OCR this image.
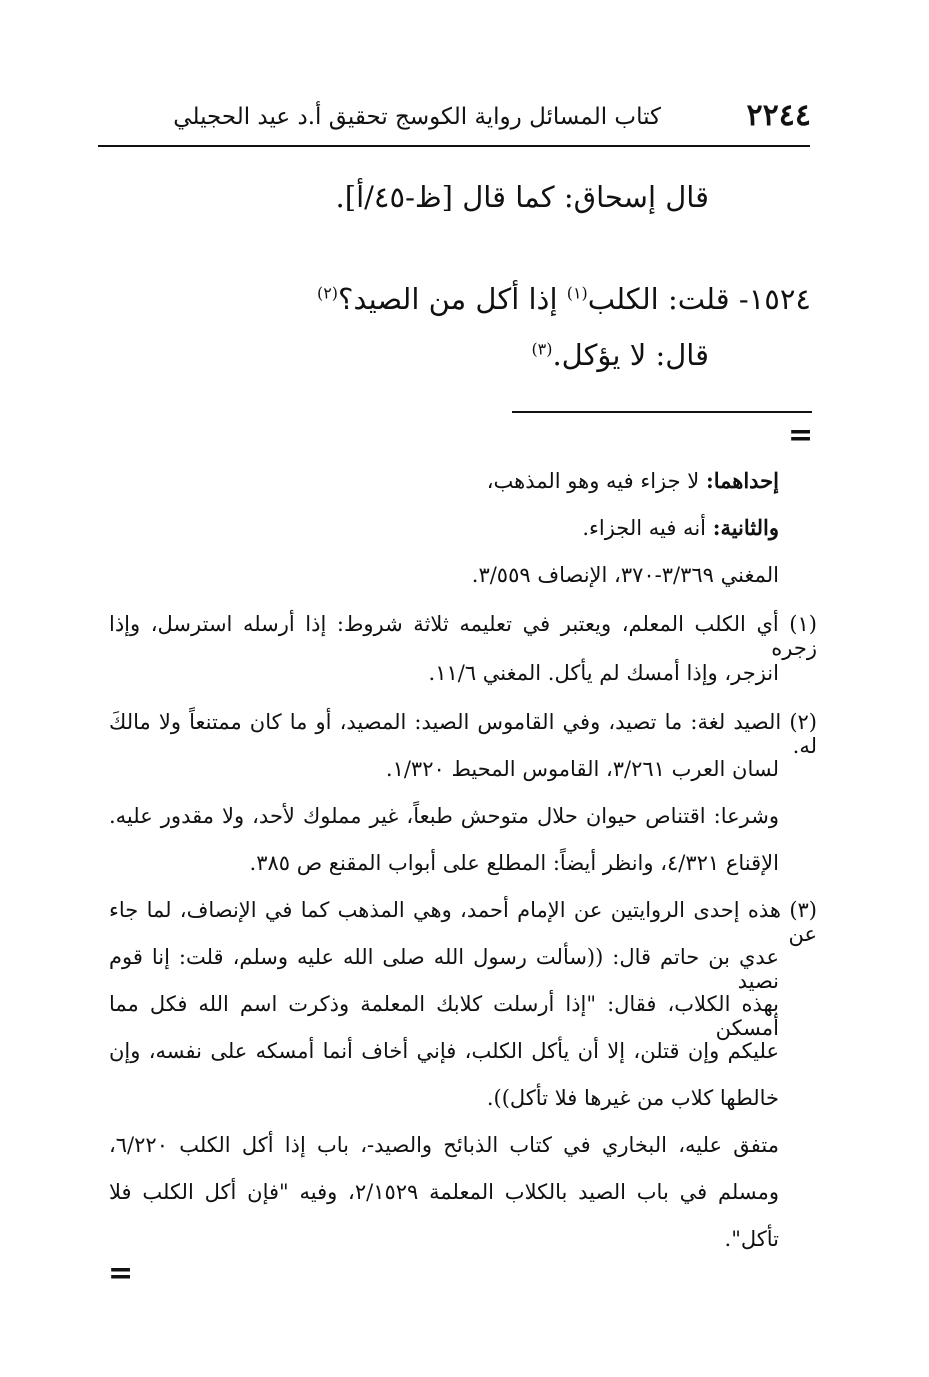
٢٢٤٤
كتاب المسائل رواية الكوسج تحقيق أ.د عيد الحجيلي
قال إسحاق: كما قال [ظ-٤٥/أ].
١٥٢٤- قلت: الكلب$^{(١)}$ إذا أكل من الصيد؟$^{(٢)}$
قال: لا يؤكل.$^{(٣)}$
=
إحداهما: لا جزاء فيه وهو المذهب،
والثانية: أنه فيه الجزاء.
المغني ٣/٣٦٩-٣٧٠، الإنصاف ٣/٥٥٩.
(١) أي الكلب المعلم، ويعتبر في تعليمه ثلاثة شروط: إذا أرسله استرسل، وإذا زجره
انزجر، وإذا أمسك لم يأكل. المغني ١١/٦.
(٢) الصيد لغة: ما تصيد، وفي القاموس الصيد: المصيد، أو ما كان ممتنعاً ولا مالكَ له.
لسان العرب ٣/٢٦١، القاموس المحيط ١/٣٢٠.
وشرعا: اقتناص حيوان حلال متوحش طبعاً، غير مملوك لأحد، ولا مقدور عليه.
الإقناع ٤/٣٢١، وانظر أيضاً: المطلع على أبواب المقنع ص ٣٨٥.
(٣) هذه إحدى الروايتين عن الإمام أحمد، وهي المذهب كما في الإنصاف، لما جاء عن
عدي بن حاتم قال: ((سألت رسول الله صلى الله عليه وسلم، قلت: إنا قوم نصيد
بهذه الكلاب، فقال: "إذا أرسلت كلابك المعلمة وذكرت اسم الله فكل مما أمسكن
عليكم وإن قتلن، إلا أن يأكل الكلب، فإني أخاف أنما أمسكه على نفسه، وإن
خالطها كلاب من غيرها فلا تأكل)).
متفق عليه، البخاري في كتاب الذبائح والصيد-، باب إذا أكل الكلب ٦/٢٢٠،
ومسلم في باب الصيد بالكلاب المعلمة ٢/١٥٢٩، وفيه "فإن أكل الكلب فلا
تأكل".
=
